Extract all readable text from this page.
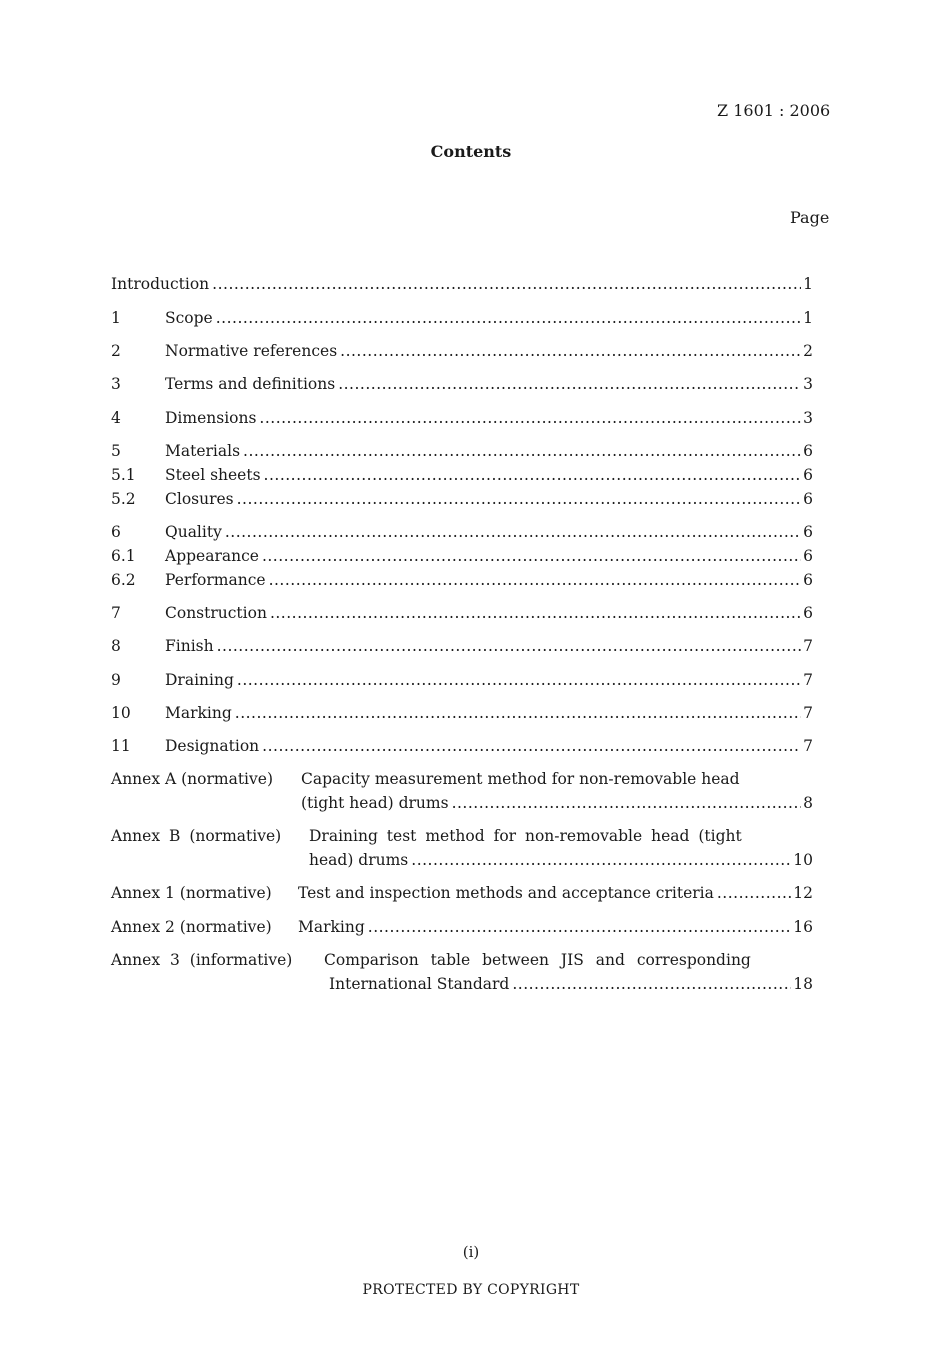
Z 1601 : 2006
Contents
Page
Introduction .....	1
1	Scope .....	1
2	Normative references .....	2
3	Terms and definitions .....	3
4	Dimensions .....	3
5	Materials .....	6
5.1	Steel sheets .....	6
5.2	Closures .....	6
6	Quality .....	6
6.1	Appearance .....	6
6.2	Performance .....	6
7	Construction .....	6
8	Finish .....	7
9	Draining .....	7
10	Marking .....	7
11	Designation .....	7
Annex A (normative) Capacity measurement method for non-removable head
(tight head) drums .....	8
Annex B (normative) Draining test method for non-removable head (tight
head) drums .....	10
Annex 1 (normative) Test and inspection methods and acceptance criteria .....	12
Annex 2 (normative) Marking .....	16
Annex 3 (informative) Comparison table between JIS and corresponding
International Standard .....	18
(i)
PROTECTED BY COPYRIGHT
